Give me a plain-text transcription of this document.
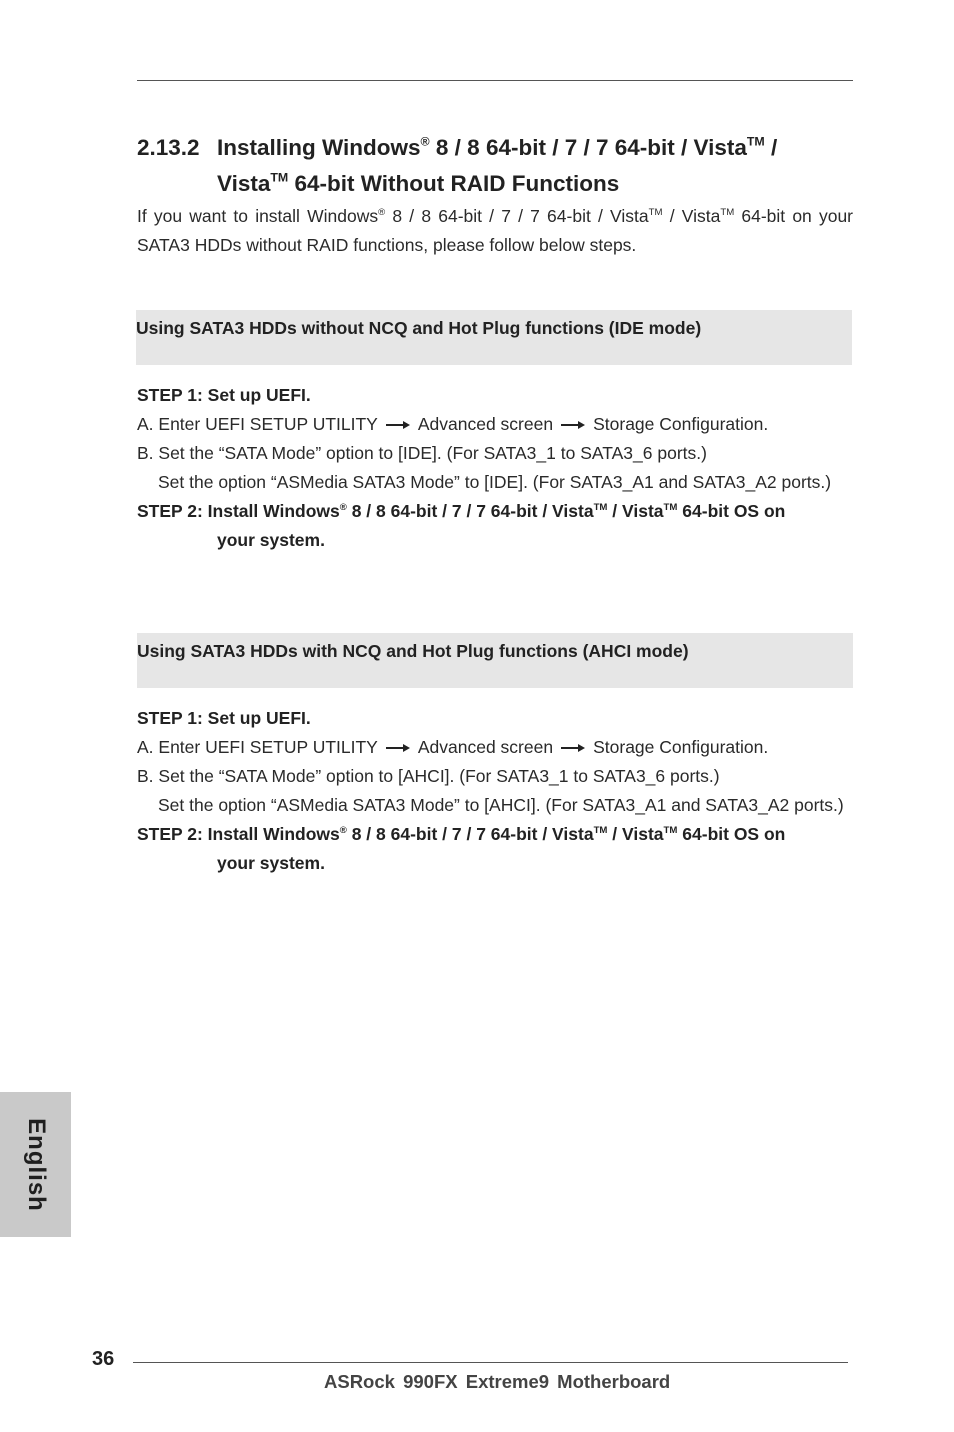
2.13.2 Installing Windows® 8 / 8 64-bit / 7 / 7 64-bit / Vista™ /
Vista™ 64-bit Without RAID Functions
If you want to install Windows® 8 / 8 64-bit / 7 / 7 64-bit / Vista™ / Vista™ 64-bit on your SATA3 HDDs without RAID functions, please follow below steps.
Using SATA3 HDDs without NCQ and Hot Plug functions (IDE mode)
STEP 1: Set up UEFI.
A. Enter UEFI SETUP UTILITY Advanced screen Storage Configuration.
B. Set the “SATA Mode” option to [IDE]. (For SATA3_1 to SATA3_6 ports.)
Set the option “ASMedia SATA3 Mode” to [IDE]. (For SATA3_A1 and SATA3_A2 ports.)
STEP 2: Install Windows® 8 / 8 64-bit / 7 / 7 64-bit / Vista™ / Vista™ 64-bit OS on
your system.
Using SATA3 HDDs with NCQ and Hot Plug functions (AHCI mode)
STEP 1: Set up UEFI.
A. Enter UEFI SETUP UTILITY Advanced screen Storage Configuration.
B. Set the “SATA Mode” option to [AHCI]. (For SATA3_1 to SATA3_6 ports.)
Set the option “ASMedia SATA3 Mode” to [AHCI]. (For SATA3_A1 and SATA3_A2 ports.)
STEP 2: Install Windows® 8 / 8 64-bit / 7 / 7 64-bit / Vista™ / Vista™ 64-bit OS on
your system.
English
36
ASRock 990FX Extreme9 Motherboard
